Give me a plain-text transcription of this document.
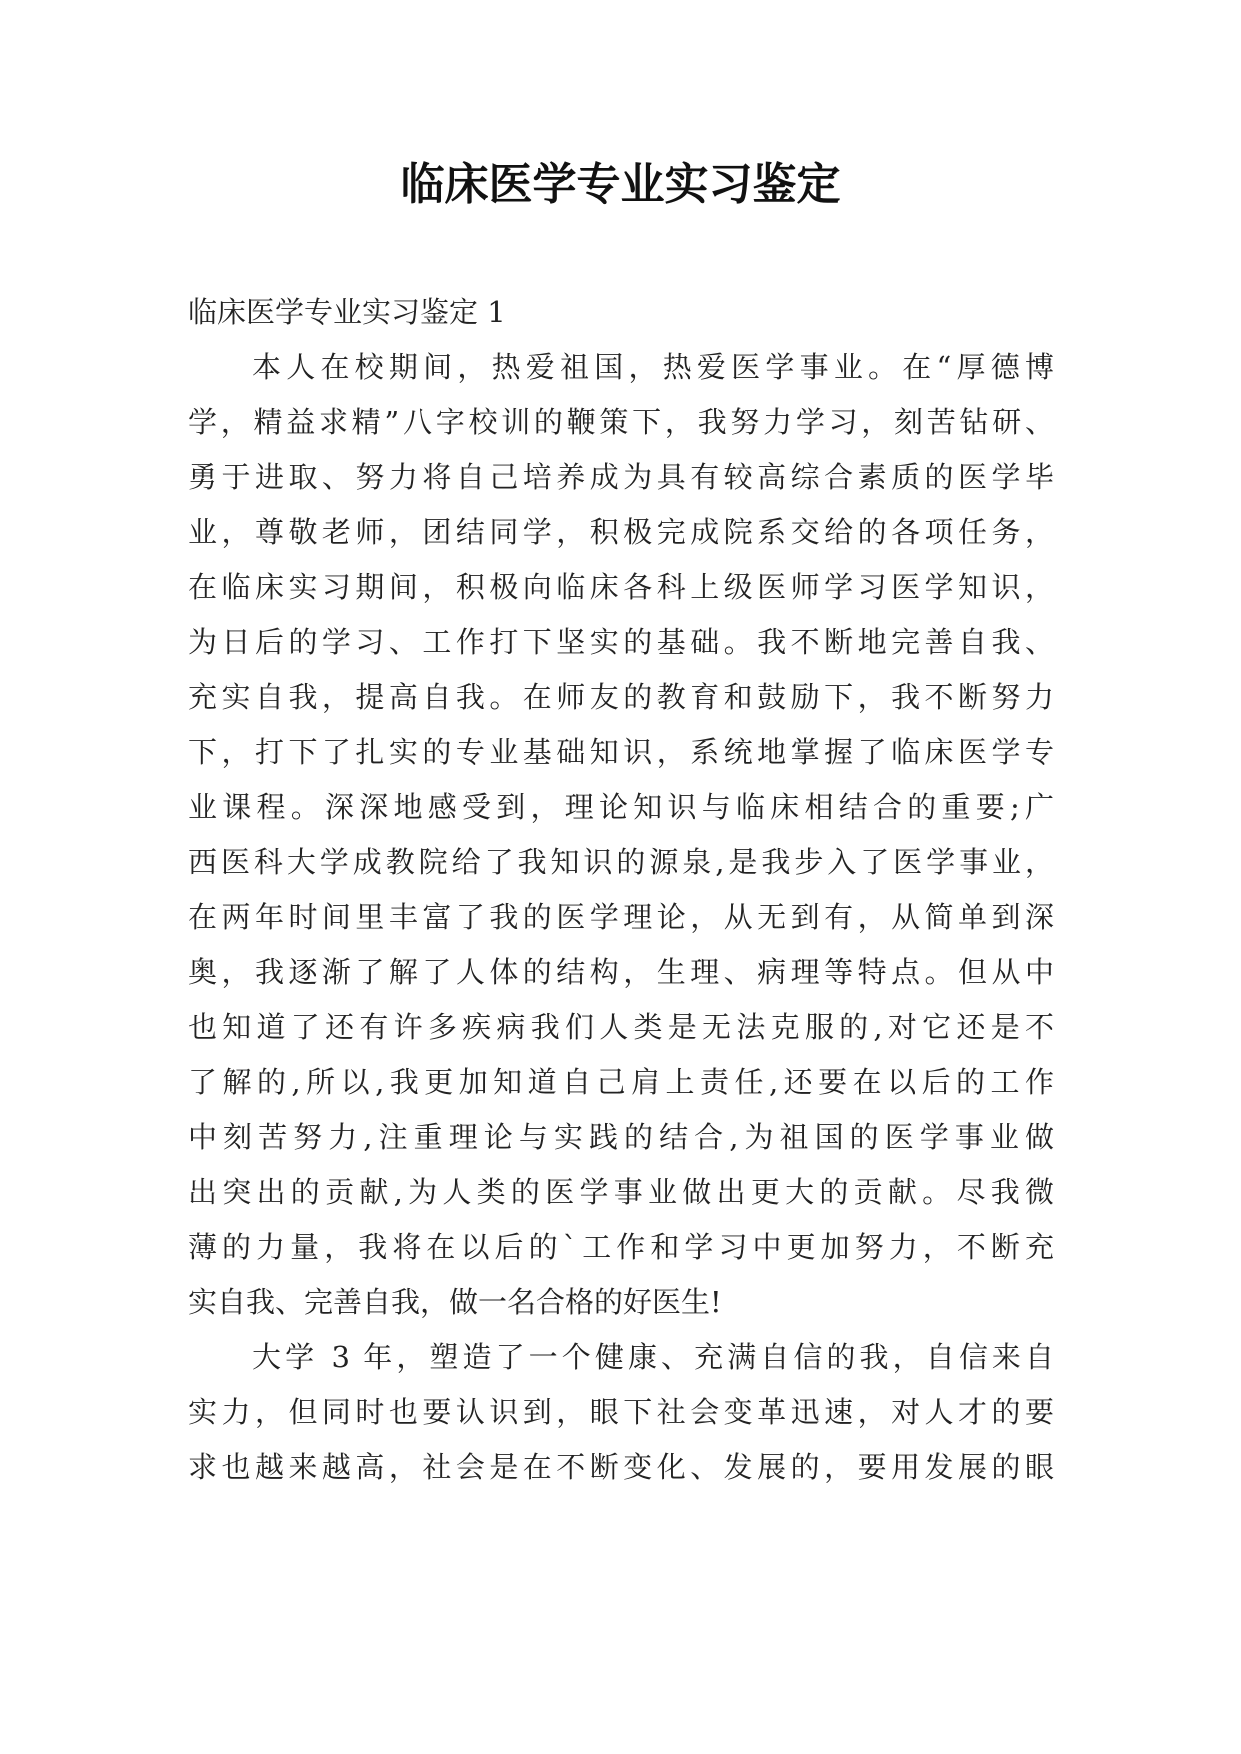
临床医学专业实习鉴定
临床医学专业实习鉴定 1
本人在校期间，热爱祖国，热爱医学事业。在“厚德博
学，精益求精”八字校训的鞭策下，我努力学习，刻苦钻研、
勇于进取、努力将自己培养成为具有较高综合素质的医学毕
业，尊敬老师，团结同学，积极完成院系交给的各项任务，
在临床实习期间，积极向临床各科上级医师学习医学知识，
为日后的学习、工作打下坚实的基础。我不断地完善自我、
充实自我，提高自我。在师友的教育和鼓励下，我不断努力
下，打下了扎实的专业基础知识，系统地掌握了临床医学专
业课程。深深地感受到，理论知识与临床相结合的重要;广
西医科大学成教院给了我知识的源泉,是我步入了医学事业，
在两年时间里丰富了我的医学理论，从无到有，从简单到深
奥，我逐渐了解了人体的结构，生理、病理等特点。但从中
也知道了还有许多疾病我们人类是无法克服的,对它还是不
了解的,所以,我更加知道自己肩上责任,还要在以后的工作
中刻苦努力,注重理论与实践的结合,为祖国的医学事业做
出突出的贡献,为人类的医学事业做出更大的贡献。尽我微
薄的力量，我将在以后的`工作和学习中更加努力，不断充
实自我、完善自我，做一名合格的好医生!
大学 3 年，塑造了一个健康、充满自信的我，自信来自
实力，但同时也要认识到，眼下社会变革迅速，对人才的要
求也越来越高，社会是在不断变化、发展的，要用发展的眼
